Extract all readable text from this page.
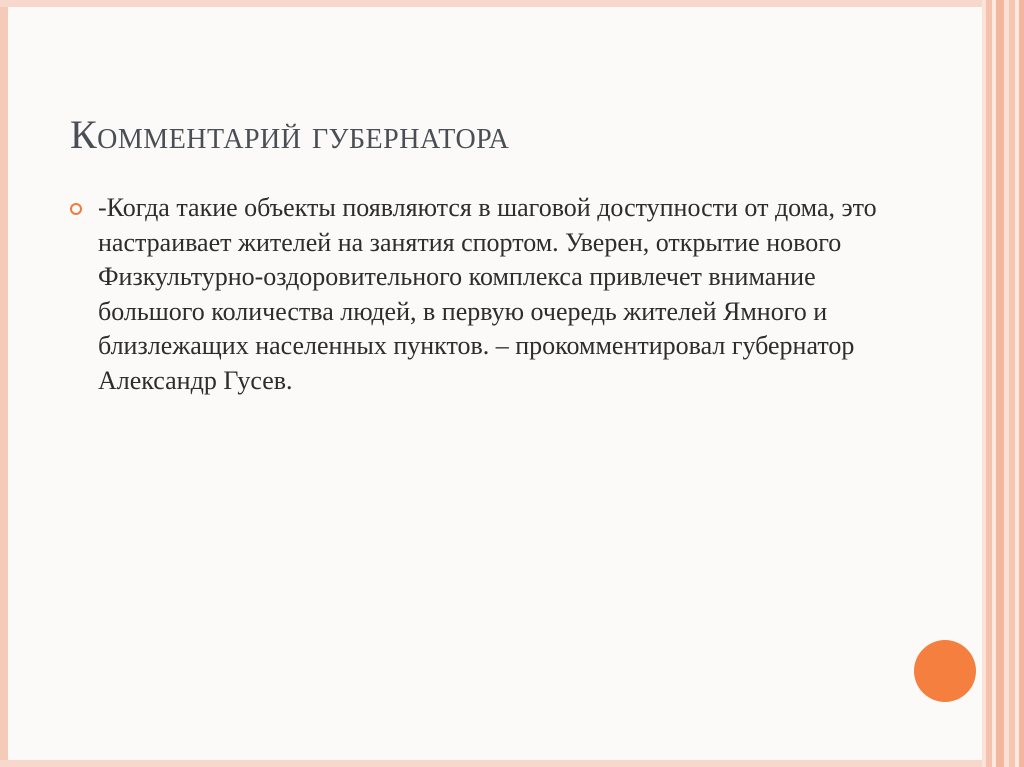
Комментарий губернатора

-Когда такие объекты появляются в шаговой доступности от дома, это настраивает жителей на занятия спортом. Уверен, открытие нового Физкультурно-оздоровительного комплекса привлечет внимание большого количества людей, в первую очередь жителей Ямного и близлежащих населенных пунктов. – прокомментировал губернатор Александр Гусев.
